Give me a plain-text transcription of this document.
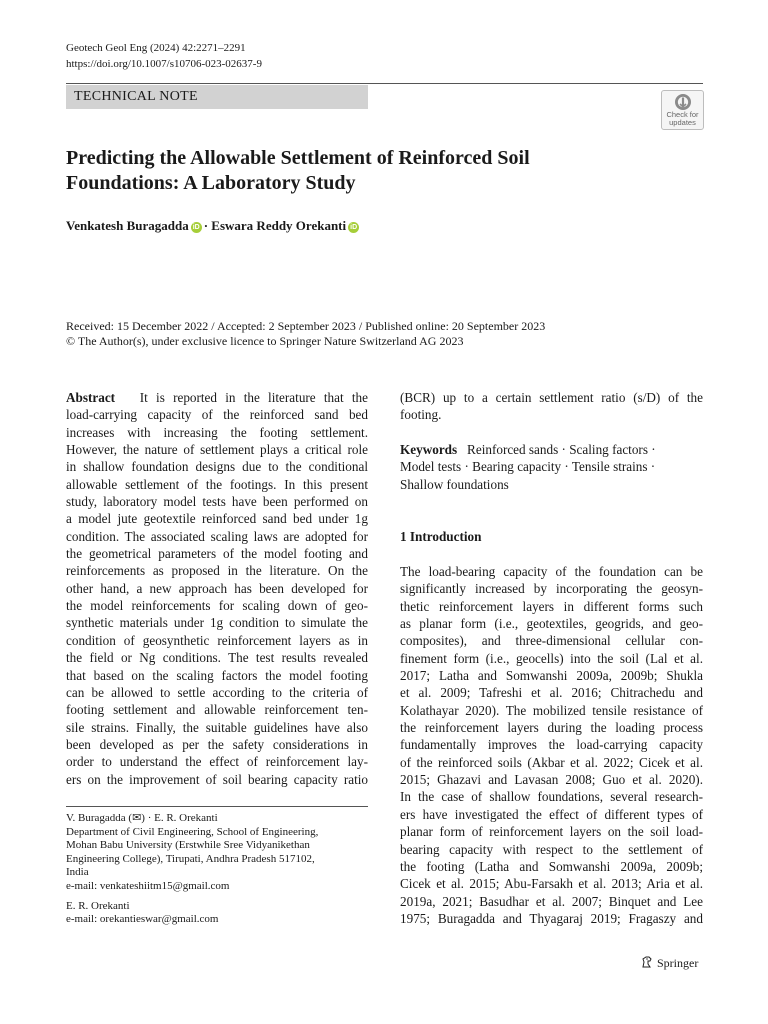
Geotech Geol Eng (2024) 42:2271–2291
https://doi.org/10.1007/s10706-023-02637-9
TECHNICAL NOTE
Check for
updates
Predicting the Allowable Settlement of Reinforced Soil
Foundations: A Laboratory Study
Venkatesh Buragadda iD · Eswara Reddy Orekanti iD
Received: 15 December 2022 / Accepted: 2 September 2023 / Published online: 20 September 2023
© The Author(s), under exclusive licence to Springer Nature Switzerland AG 2023
Abstract It is reported in the literature that the
load-carrying capacity of the reinforced sand bed
increases with increasing the footing settlement.
However, the nature of settlement plays a critical role
in shallow foundation designs due to the conditional
allowable settlement of the footings. In this present
study, laboratory model tests have been performed on
a model jute geotextile reinforced sand bed under 1g
condition. The associated scaling laws are adopted for
the geometrical parameters of the model footing and
reinforcements as proposed in the literature. On the
other hand, a new approach has been developed for
the model reinforcements for scaling down of geo-
synthetic materials under 1g condition to simulate the
condition of geosynthetic reinforcement layers as in
the field or Ng conditions. The test results revealed
that based on the scaling factors the model footing
can be allowed to settle according to the criteria of
footing settlement and allowable reinforcement ten-
sile strains. Finally, the suitable guidelines have also
been developed as per the safety considerations in
order to understand the effect of reinforcement lay-
ers on the improvement of soil bearing capacity ratio
(BCR) up to a certain settlement ratio (s/D) of the
footing.
Keywords Reinforced sands · Scaling factors ·
Model tests · Bearing capacity · Tensile strains ·
Shallow foundations
1 Introduction
The load-bearing capacity of the foundation can be
significantly increased by incorporating the geosyn-
thetic reinforcement layers in different forms such
as planar form (i.e., geotextiles, geogrids, and geo-
composites), and three-dimensional cellular con-
finement form (i.e., geocells) into the soil (Lal et al.
2017; Latha and Somwanshi 2009a, 2009b; Shukla
et al. 2009; Tafreshi et al. 2016; Chitrachedu and
Kolathayar 2020). The mobilized tensile resistance of
the reinforcement layers during the loading process
fundamentally improves the load-carrying capacity
of the reinforced soils (Akbar et al. 2022; Cicek et al.
2015; Ghazavi and Lavasan 2008; Guo et al. 2020).
In the case of shallow foundations, several research-
ers have investigated the effect of different types of
planar form of reinforcement layers on the soil load-
bearing capacity with respect to the settlement of
the footing (Latha and Somwanshi 2009a, 2009b;
Cicek et al. 2015; Abu-Farsakh et al. 2013; Aria et al.
2019a, 2021; Basudhar et al. 2007; Binquet and Lee
1975; Buragadda and Thyagaraj 2019; Fragaszy and
V. Buragadda (✉) · E. R. Orekanti
Department of Civil Engineering, School of Engineering,
Mohan Babu University (Erstwhile Sree Vidyanikethan
Engineering College), Tirupati, Andhra Pradesh 517102,
India
e-mail: venkateshiitm15@gmail.com
E. R. Orekanti
e-mail: orekantieswar@gmail.com
Springer
